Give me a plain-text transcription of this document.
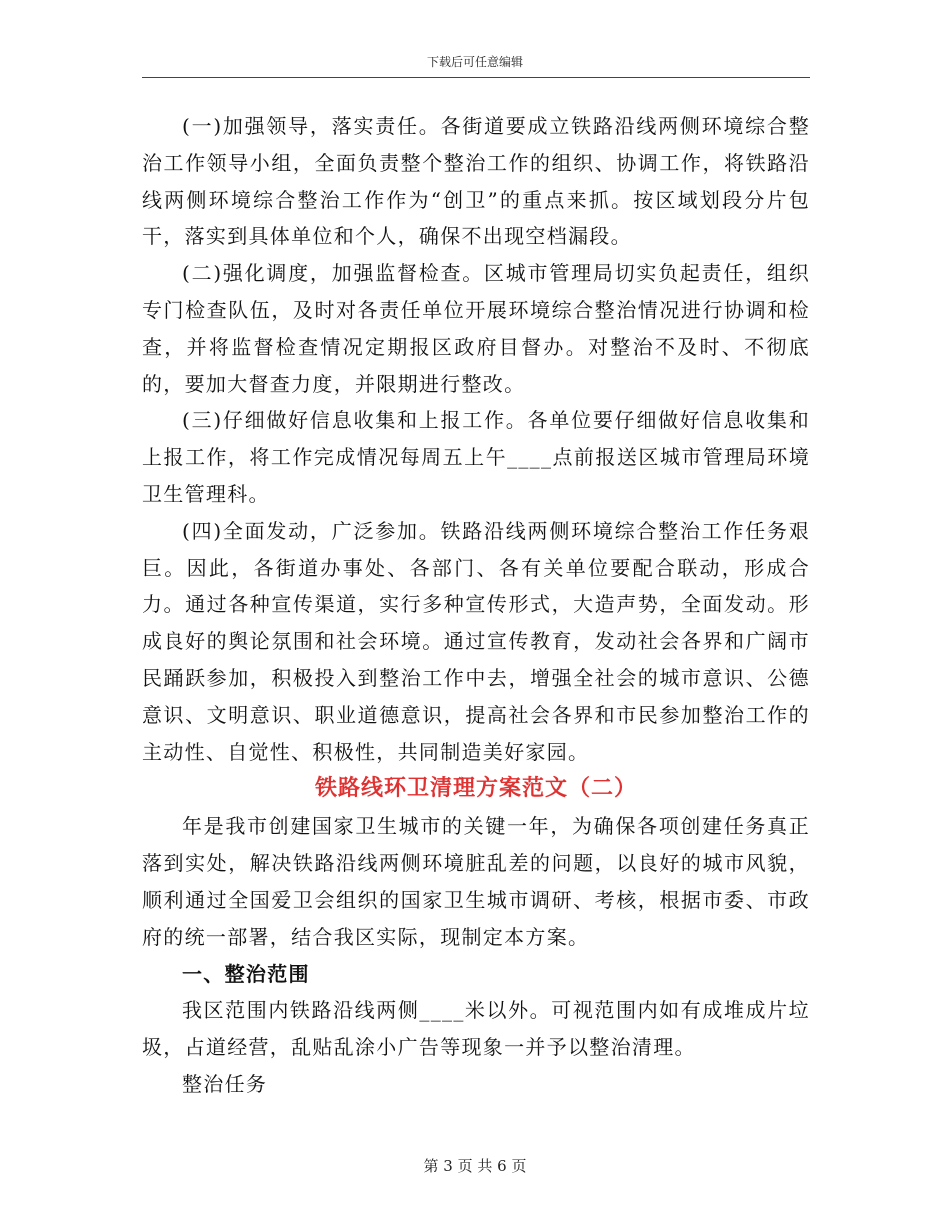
下载后可任意编辑

(一)加强领导，落实责任。各街道要成立铁路沿线两侧环境综合整治工作领导小组，全面负责整个整治工作的组织、协调工作，将铁路沿线两侧环境综合整治工作作为“创卫”的重点来抓。按区域划段分片包干，落实到具体单位和个人，确保不出现空档漏段。

(二)强化调度，加强监督检查。区城市管理局切实负起责任，组织专门检查队伍，及时对各责任单位开展环境综合整治情况进行协调和检查，并将监督检查情况定期报区政府目督办。对整治不及时、不彻底的，要加大督查力度，并限期进行整改。

(三)仔细做好信息收集和上报工作。各单位要仔细做好信息收集和上报工作，将工作完成情况每周五上午____点前报送区城市管理局环境卫生管理科。

(四)全面发动，广泛参加。铁路沿线两侧环境综合整治工作任务艰巨。因此，各街道办事处、各部门、各有关单位要配合联动，形成合力。通过各种宣传渠道，实行多种宣传形式，大造声势，全面发动。形成良好的舆论氛围和社会环境。通过宣传教育，发动社会各界和广阔市民踊跃参加，积极投入到整治工作中去，增强全社会的城市意识、公德意识、文明意识、职业道德意识，提高社会各界和市民参加整治工作的主动性、自觉性、积极性，共同制造美好家园。

铁路线环卫清理方案范文（二）

年是我市创建国家卫生城市的关键一年，为确保各项创建任务真正落到实处，解决铁路沿线两侧环境脏乱差的问题，以良好的城市风貌，顺利通过全国爱卫会组织的国家卫生城市调研、考核，根据市委、市政府的统一部署，结合我区实际，现制定本方案。

一、整治范围

我区范围内铁路沿线两侧____米以外。可视范围内如有成堆成片垃圾，占道经营，乱贴乱涂小广告等现象一并予以整治清理。

整治任务

第 3 页 共 6 页
